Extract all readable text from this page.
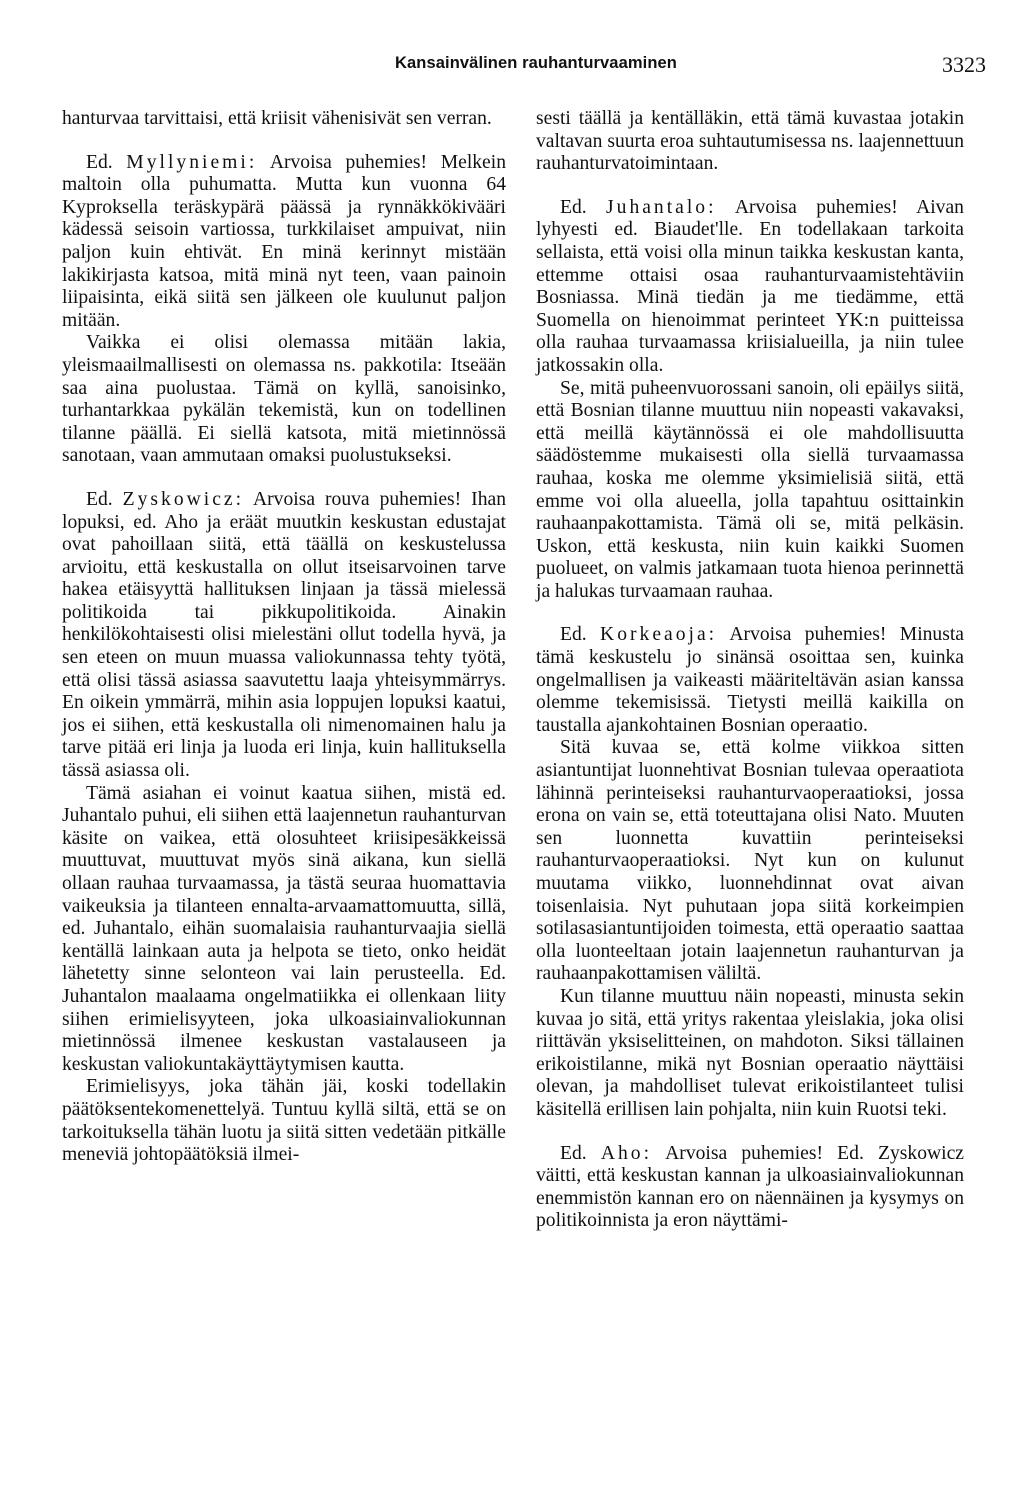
Kansainvälinen rauhanturvaaminen	3323

hanturvaa tarvittaisi, että kriisit vähenisivät sen verran.

Ed. Myllyniemi: Arvoisa puhemies! Melkein maltoin olla puhumatta. Mutta kun vuonna 64 Kyproksella teräskypärä päässä ja rynnäkkökivääri kädessä seisoin vartiossa, turkkilaiset ampuivat, niin paljon kuin ehtivät. En minä kerinnyt mistään lakikirjasta katsoa, mitä minä nyt teen, vaan painoin liipaisinta, eikä siitä sen jälkeen ole kuulunut paljon mitään.

Vaikka ei olisi olemassa mitään lakia, yleismaailmallisesti on olemassa ns. pakkotila: Itseään saa aina puolustaa. Tämä on kyllä, sanoisinko, turhantarkkaa pykälän tekemistä, kun on todellinen tilanne päällä. Ei siellä katsota, mitä mietinnössä sanotaan, vaan ammutaan omaksi puolustukseksi.

Ed. Zyskowicz: Arvoisa rouva puhemies! Ihan lopuksi, ed. Aho ja eräät muutkin keskustan edustajat ovat pahoillaan siitä, että täällä on keskustelussa arvioitu, että keskustalla on ollut itseisarvoinen tarve hakea etäisyyttä hallituksen linjaan ja tässä mielessä politikoida tai pikkupolitikoida. Ainakin henkilökohtaisesti olisi mielestäni ollut todella hyvä, ja sen eteen on muun muassa valiokunnassa tehty työtä, että olisi tässä asiassa saavutettu laaja yhteisymmärrys. En oikein ymmärrä, mihin asia loppujen lopuksi kaatui, jos ei siihen, että keskustalla oli nimenomainen halu ja tarve pitää eri linja ja luoda eri linja, kuin hallituksella tässä asiassa oli.

Tämä asiahan ei voinut kaatua siihen, mistä ed. Juhantalo puhui, eli siihen että laajennetun rauhanturvan käsite on vaikea, että olosuhteet kriisipesäkkeissä muuttuvat, muuttuvat myös sinä aikana, kun siellä ollaan rauhaa turvaamassa, ja tästä seuraa huomattavia vaikeuksia ja tilanteen ennalta-arvaamattomuutta, sillä, ed. Juhantalo, eihän suomalaisia rauhanturvaajia siellä kentällä lainkaan auta ja helpota se tieto, onko heidät lähetetty sinne selonteon vai lain perusteella. Ed. Juhantalon maalaama ongelmatiikka ei ollenkaan liity siihen erimielisyyteen, joka ulkoasiainvaliokunnan mietinnössä ilmenee keskustan vastalauseen ja keskustan valiokuntakäyttäytymisen kautta.

Erimielisyys, joka tähän jäi, koski todellakin päätöksentekomenettelyä. Tuntuu kyllä siltä, että se on tarkoituksella tähän luotu ja siitä sitten vedetään pitkälle meneviä johtopäätöksiä ilmei-

sesti täällä ja kentälläkin, että tämä kuvastaa jotakin valtavan suurta eroa suhtautumisessa ns. laajennettuun rauhanturvatoimintaan.

Ed. Juhantalo: Arvoisa puhemies! Aivan lyhyesti ed. Biaudet'lle. En todellakaan tarkoita sellaista, että voisi olla minun taikka keskustan kanta, ettemme ottaisi osaa rauhanturvaamistehtäviin Bosniassa. Minä tiedän ja me tiedämme, että Suomella on hienoimmat perinteet YK:n puitteissa olla rauhaa turvaamassa kriisialueilla, ja niin tulee jatkossakin olla.

Se, mitä puheenvuorossani sanoin, oli epäilys siitä, että Bosnian tilanne muuttuu niin nopeasti vakavaksi, että meillä käytännössä ei ole mahdollisuutta säädöstemme mukaisesti olla siellä turvaamassa rauhaa, koska me olemme yksimielisiä siitä, että emme voi olla alueella, jolla tapahtuu osittainkin rauhaanpakottamista. Tämä oli se, mitä pelkäsin. Uskon, että keskusta, niin kuin kaikki Suomen puolueet, on valmis jatkamaan tuota hienoa perinnettä ja halukas turvaamaan rauhaa.

Ed. Korkeaoja: Arvoisa puhemies! Minusta tämä keskustelu jo sinänsä osoittaa sen, kuinka ongelmallisen ja vaikeasti määriteltävän asian kanssa olemme tekemisissä. Tietysti meillä kaikilla on taustalla ajankohtainen Bosnian operaatio.

Sitä kuvaa se, että kolme viikkoa sitten asiantuntijat luonnehtivat Bosnian tulevaa operaatiota lähinnä perinteiseksi rauhanturvaoperaatioksi, jossa erona on vain se, että toteuttajana olisi Nato. Muuten sen luonnetta kuvattiin perinteiseksi rauhanturvaoperaatioksi. Nyt kun on kulunut muutama viikko, luonnehdinnat ovat aivan toisenlaisia. Nyt puhutaan jopa siitä korkeimpien sotilasasiantuntijoiden toimesta, että operaatio saattaa olla luonteeltaan jotain laajennetun rauhanturvan ja rauhaanpakottamisen väliltä.

Kun tilanne muuttuu näin nopeasti, minusta sekin kuvaa jo sitä, että yritys rakentaa yleislakia, joka olisi riittävän yksiselitteinen, on mahdoton. Siksi tällainen erikoistilanne, mikä nyt Bosnian operaatio näyttäisi olevan, ja mahdolliset tulevat erikoistilanteet tulisi käsitellä erillisen lain pohjalta, niin kuin Ruotsi teki.

Ed. Aho: Arvoisa puhemies! Ed. Zyskowicz väitti, että keskustan kannan ja ulkoasiainvaliokunnan enemmistön kannan ero on näennäinen ja kysymys on politikoinnista ja eron näyttämi-
